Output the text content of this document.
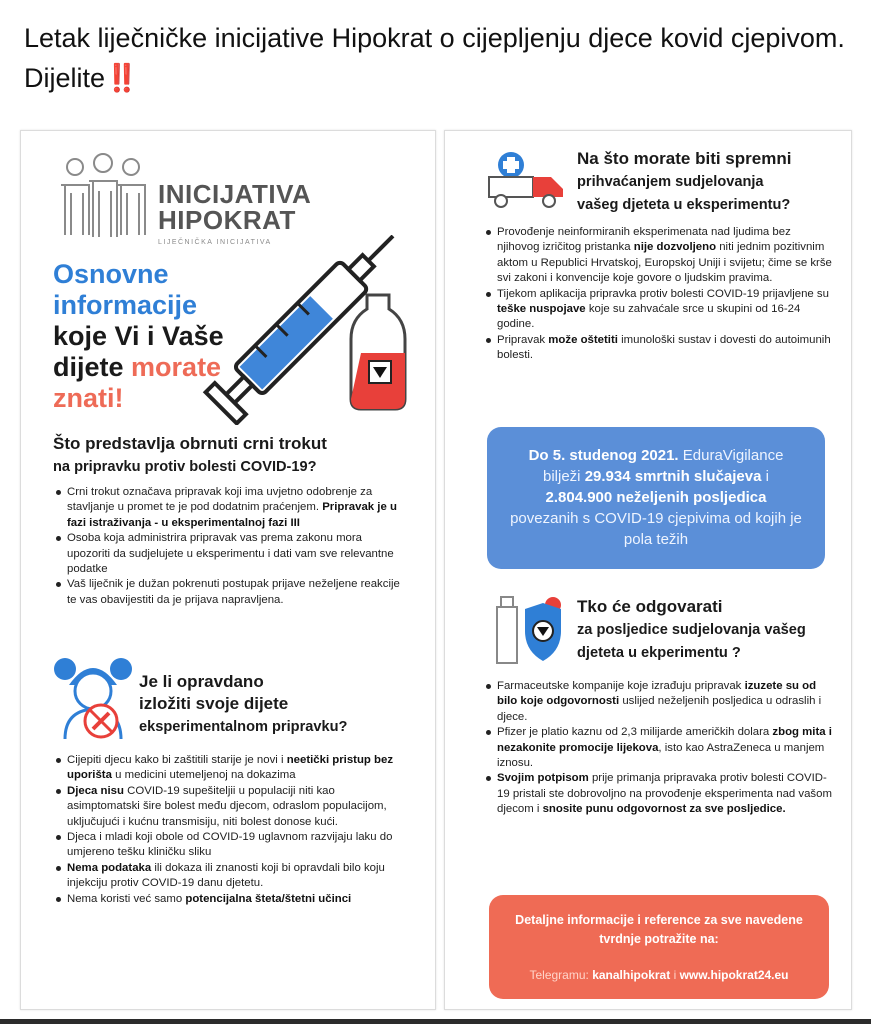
Letak liječničke inicijative Hipokrat o cijepljenju djece kovid cjepivom. Dijelite‼️
INICIJATIVA
HIPOKRAT
LIJEČNIČKA INICIJATIVA
Osnovne
informacije
koje Vi i Vaše
dijete morate
znati!
Što predstavlja obrnuti crni trokut
na pripravku protiv bolesti COVID-19?
Crni trokut označava pripravak koji ima uvjetno odobrenje za stavljanje u promet te je pod dodatnim praćenjem. Pripravak je u fazi istraživanja - u eksperimentalnoj fazi III
Osoba koja administrira pripravak vas prema zakonu mora upozoriti da sudjelujete u eksperimentu i dati vam sve relevantne podatke
Vaš liječnik je dužan pokrenuti postupak prijave neželjene reakcije te vas obavijestiti da je prijava napravljena.
Je li opravdano
izložiti svoje dijete
eksperimentalnom pripravku?
Cijepiti djecu kako bi zaštitili starije je novi i neetički pristup bez uporišta u medicini utemeljenoj na dokazima
Djeca nisu COVID-19 supešiteljii u populaciji niti kao asimptomatski šire bolest među djecom, odraslom populacijom, uključujući i kućnu transmisiju, niti bolest donose kući.
Djeca i mladi koji obole od COVID-19 uglavnom razvijaju laku do umjereno tešku kliničku sliku
Nema podataka ili dokaza ili znanosti koji bi opravdali bilo koju injekciju protiv COVID-19 danu djetetu.
Nema koristi već samo potencijalna šteta/štetni učinci
Na što morate biti spremni
prihvaćanjem sudjelovanja
vašeg djeteta u eksperimentu?
Provođenje neinformiranih eksperimenata nad ljudima bez njihovog izričitog pristanka nije dozvoljeno niti jednim pozitivnim aktom u Republici Hrvatskoj, Europskoj Uniji i svijetu; čime se krše svi zakoni i konvencije koje govore o ljudskim pravima.
Tijekom aplikacija pripravka protiv bolesti COVID-19 prijavljene su teške nuspojave koje su zahvaćale srce u skupini od 16-24 godine.
Pripravak može oštetiti imunološki sustav i dovesti do autoimunih bolesti.
Do 5. studenog 2021. EduraVigilance
bilježi 29.934 smrtnih slučajeva i
2.804.900 neželjenih posljedica
povezanih s COVID-19 cjepivima od kojih je pola težih
Tko će odgovarati
za posljedice sudjelovanja vašeg
djeteta u ekperimentu ?
Farmaceutske kompanije koje izrađuju pripravak izuzete su od bilo koje odgovornosti uslijed neželjenih posljedica u odraslih i djece.
Pfizer je platio kaznu od 2,3 milijarde američkih dolara zbog mita i nezakonite promocije lijekova, isto kao AstraZeneca u manjem iznosu.
Svojim potpisom prije primanja pripravaka protiv bolesti COVID-19 pristali ste dobrovoljno na provođenje eksperimenta nad vašom djecom i snosite punu odgovornost za sve posljedice.
Detaljne informacije i reference za sve navedene tvrdnje potražite na:
Telegramu: kanalhipokrat i www.hipokrat24.eu
